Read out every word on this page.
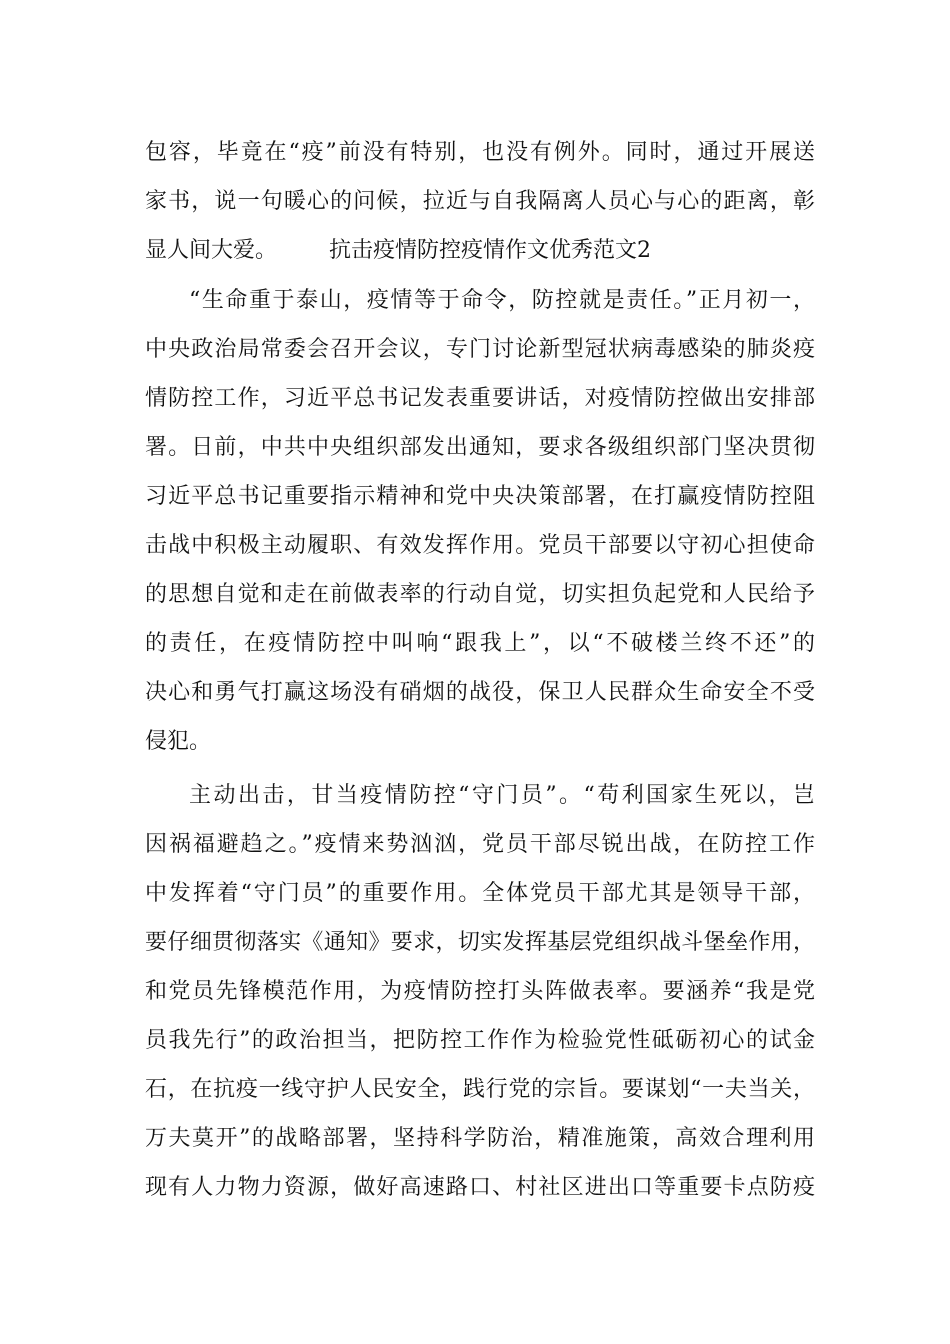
包容，毕竟在“疫”前没有特别，也没有例外。同时，通过开展送
家书，说一句暖心的问候，拉近与自我隔离人员心与心的距离，彰
显人间大爱。 抗击疫情防控疫情作文优秀范文2
“生命重于泰山，疫情等于命令，防控就是责任。”正月初一，
中央政治局常委会召开会议，专门讨论新型冠状病毒感染的肺炎疫
情防控工作，习近平总书记发表重要讲话，对疫情防控做出安排部
署。日前，中共中央组织部发出通知，要求各级组织部门坚决贯彻
习近平总书记重要指示精神和党中央决策部署，在打赢疫情防控阻
击战中积极主动履职、有效发挥作用。党员干部要以守初心担使命
的思想自觉和走在前做表率的行动自觉，切实担负起党和人民给予
的责任，在疫情防控中叫响“跟我上”，以“不破楼兰终不还”的
决心和勇气打赢这场没有硝烟的战役，保卫人民群众生命安全不受
侵犯。
主动出击，甘当疫情防控“守门员”。“苟利国家生死以，岂
因祸福避趋之。”疫情来势汹汹，党员干部尽锐出战，在防控工作
中发挥着“守门员”的重要作用。全体党员干部尤其是领导干部，
要仔细贯彻落实《通知》要求，切实发挥基层党组织战斗堡垒作用，
和党员先锋模范作用，为疫情防控打头阵做表率。要涵养“我是党
员我先行”的政治担当，把防控工作作为检验党性砥砺初心的试金
石，在抗疫一线守护人民安全，践行党的宗旨。要谋划“一夫当关，
万夫莫开”的战略部署，坚持科学防治，精准施策，高效合理利用
现有人力物力资源，做好高速路口、村社区进出口等重要卡点防疫
